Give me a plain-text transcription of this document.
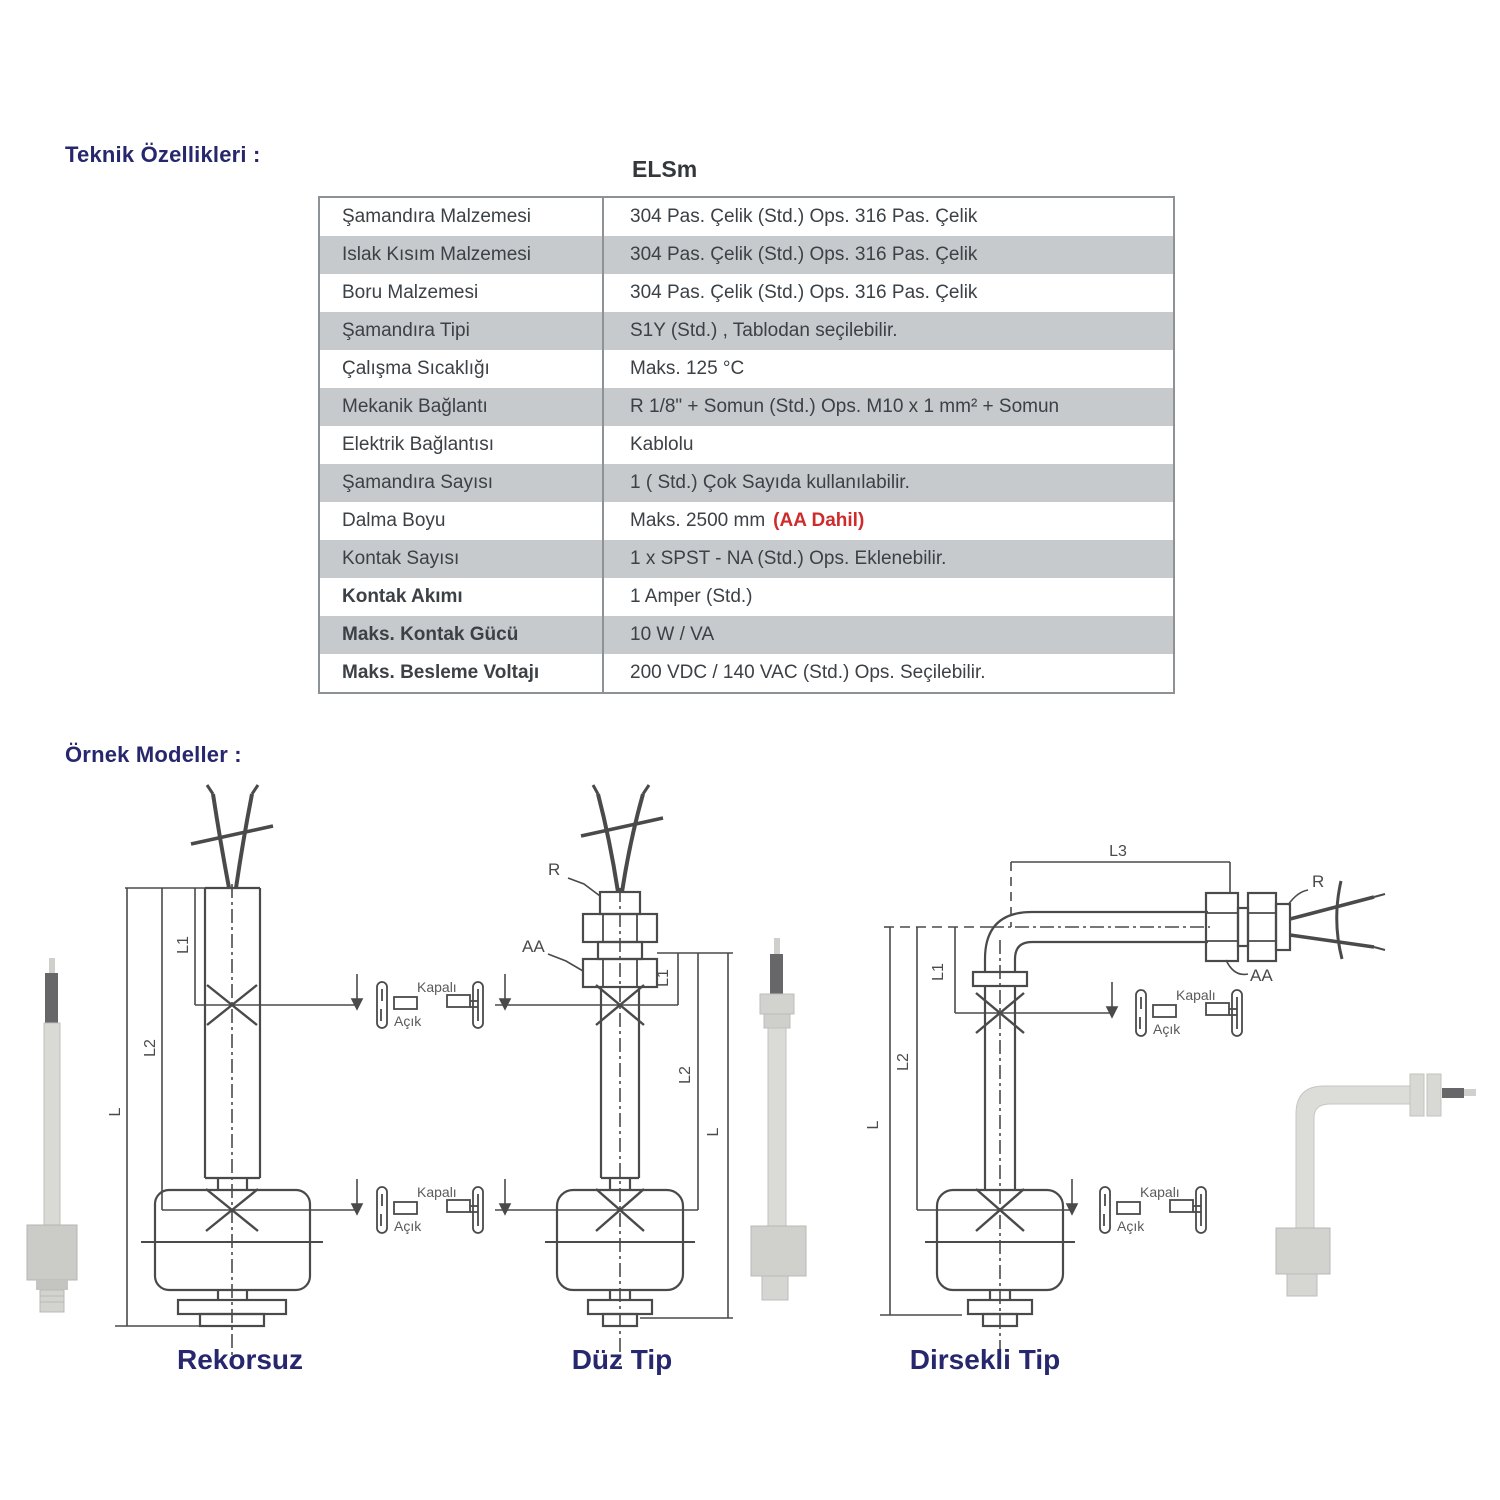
Teknik Özellikleri :
ELSm
Şamandıra Malzemesi	304 Pas. Çelik (Std.) Ops. 316 Pas. Çelik
Islak Kısım Malzemesi	304 Pas. Çelik (Std.) Ops. 316 Pas. Çelik
Boru Malzemesi	304 Pas. Çelik (Std.) Ops. 316 Pas. Çelik
Şamandıra Tipi	S1Y (Std.) , Tablodan seçilebilir.
Çalışma Sıcaklığı	Maks. 125 °C
Mekanik Bağlantı	R 1/8" + Somun (Std.) Ops. M10 x 1 mm² + Somun
Elektrik Bağlantısı	Kablolu
Şamandıra Sayısı	1 ( Std.) Çok Sayıda kullanılabilir.
Dalma Boyu	Maks. 2500 mm (AA Dahil)
Kontak Sayısı	1 x SPST - NA (Std.) Ops. Eklenebilir.
Kontak Akımı	1 Amper (Std.)
Maks. Kontak Gücü	10 W / VA
Maks. Besleme Voltajı	200 VDC / 140 VAC (Std.) Ops. Seçilebilir.
Örnek Modeller :
L1
L2
L
Açık
Kapalı
Açık
Kapalı
R
AA
L1
L2
L
L3
R
AA
L1
L2
L
Açık
Kapalı
Açık
Kapalı
Rekorsuz	Düz Tip	Dirsekli Tip
